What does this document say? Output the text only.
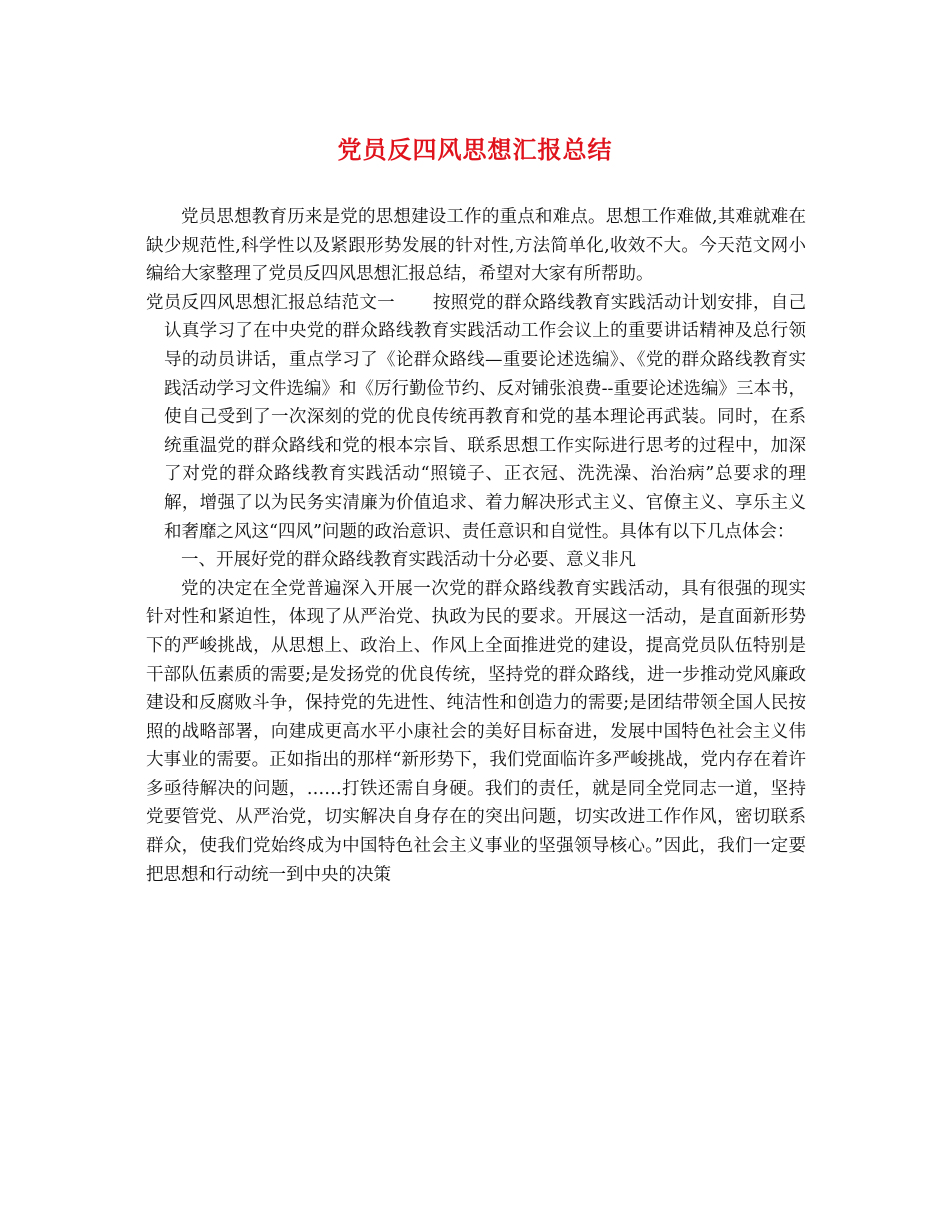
党员反四风思想汇报总结

党员思想教育历来是党的思想建设工作的重点和难点。思想工作难做,其难就难在缺少规范性,科学性以及紧跟形势发展的针对性,方法简单化,收效不大。今天范文网小编给大家整理了党员反四风思想汇报总结，希望对大家有所帮助。

党员反四风思想汇报总结范文一 按照党的群众路线教育实践活动计划安排，自己认真学习了在中央党的群众路线教育实践活动工作会议上的重要讲话精神及总行领导的动员讲话，重点学习了《论群众路线—重要论述选编》、《党的群众路线教育实践活动学习文件选编》和《厉行勤俭节约、反对铺张浪费--重要论述选编》三本书，使自己受到了一次深刻的党的优良传统再教育和党的基本理论再武装。同时，在系统重温党的群众路线和党的根本宗旨、联系思想工作实际进行思考的过程中，加深了对党的群众路线教育实践活动“照镜子、正衣冠、洗洗澡、治治病”总要求的理解，增强了以为民务实清廉为价值追求、着力解决形式主义、官僚主义、享乐主义和奢靡之风这“四风”问题的政治意识、责任意识和自觉性。具体有以下几点体会：

一、开展好党的群众路线教育实践活动十分必要、意义非凡

党的决定在全党普遍深入开展一次党的群众路线教育实践活动，具有很强的现实针对性和紧迫性，体现了从严治党、执政为民的要求。开展这一活动，是直面新形势下的严峻挑战，从思想上、政治上、作风上全面推进党的建设，提高党员队伍特别是干部队伍素质的需要;是发扬党的优良传统，坚持党的群众路线，进一步推动党风廉政建设和反腐败斗争，保持党的先进性、纯洁性和创造力的需要;是团结带领全国人民按照的战略部署，向建成更高水平小康社会的美好目标奋进，发展中国特色社会主义伟大事业的需要。正如指出的那样“新形势下，我们党面临许多严峻挑战，党内存在着许多亟待解决的问题，……打铁还需自身硬。我们的责任，就是同全党同志一道，坚持党要管党、从严治党，切实解决自身存在的突出问题，切实改进工作作风，密切联系群众，使我们党始终成为中国特色社会主义事业的坚强领导核心。”因此，我们一定要把思想和行动统一到中央的决策
